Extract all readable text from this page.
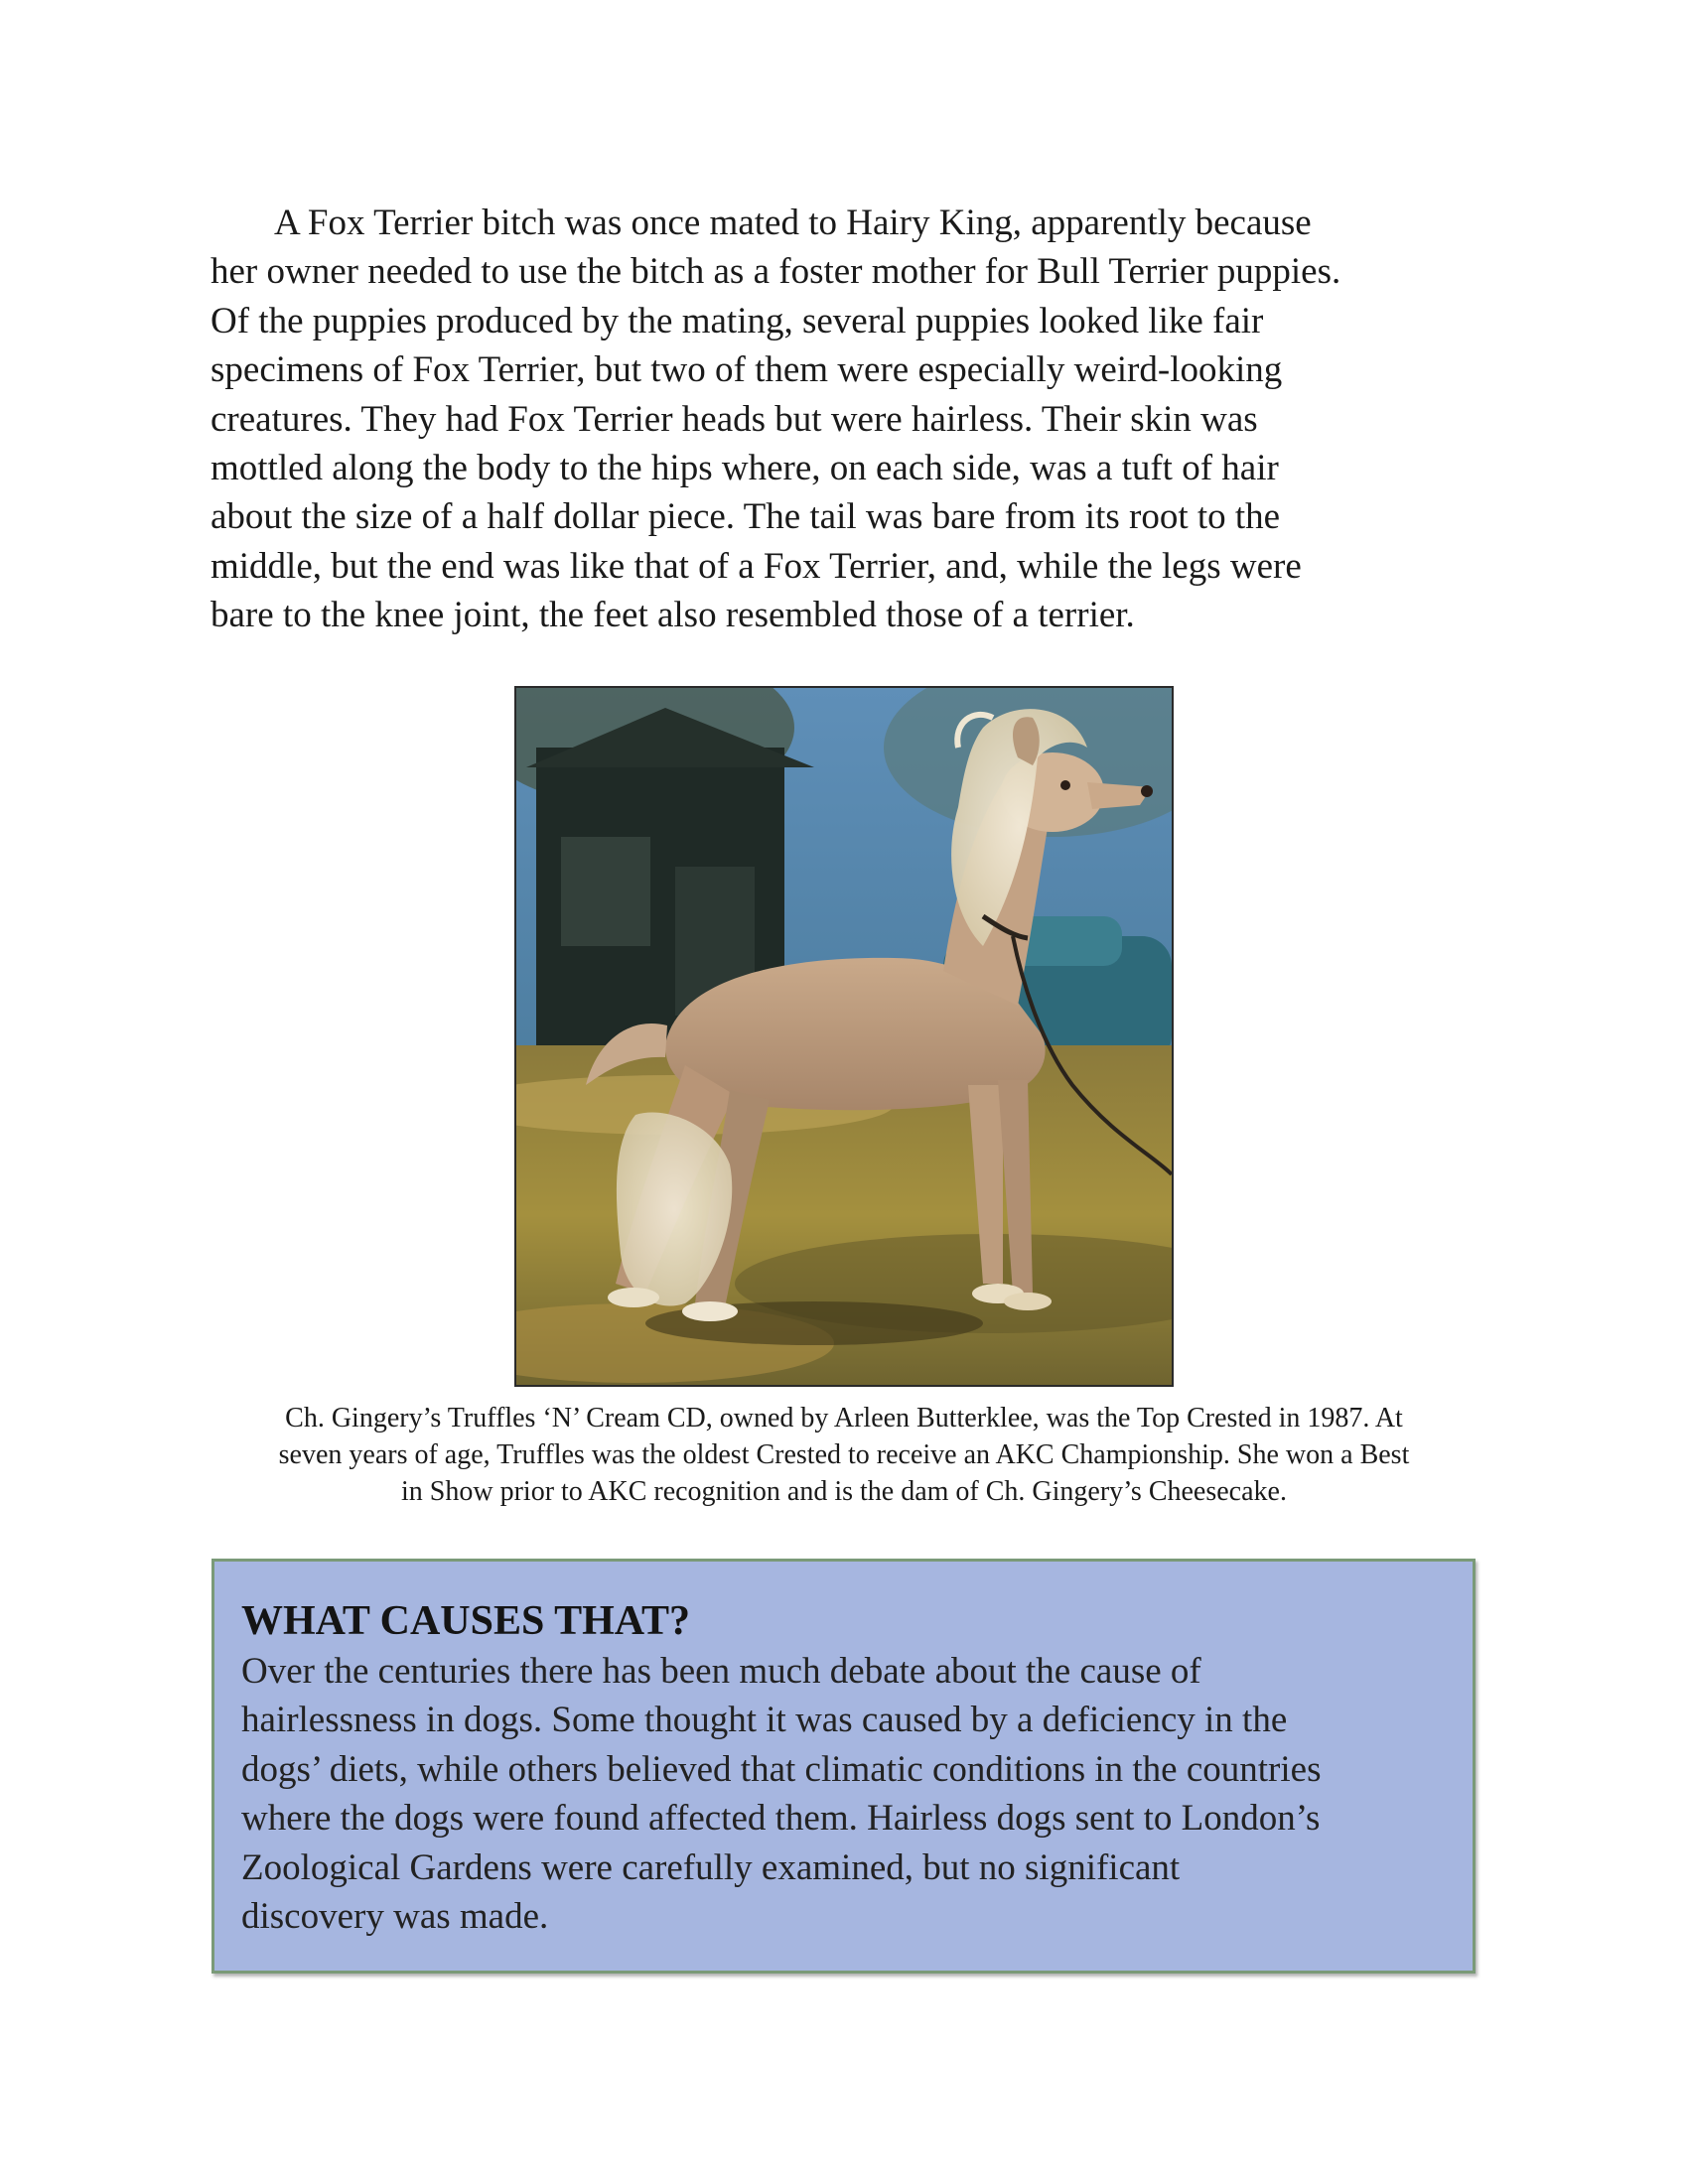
A Fox Terrier bitch was once mated to Hairy King, apparently because
her owner needed to use the bitch as a foster mother for Bull Terrier puppies.
Of the puppies produced by the mating, several puppies looked like fair
specimens of Fox Terrier, but two of them were especially weird-looking
creatures. They had Fox Terrier heads but were hairless. Their skin was
mottled along the body to the hips where, on each side, was a tuft of hair
about the size of a half dollar piece. The tail was bare from its root to the
middle, but the end was like that of a Fox Terrier, and, while the legs were
bare to the knee joint, the feet also resembled those of a terrier.

Ch. Gingery’s Truffles ‘N’ Cream CD, owned by Arleen Butterklee, was the Top Crested in 1987. At
seven years of age, Truffles was the oldest Crested to receive an AKC Championship. She won a Best
in Show prior to AKC recognition and is the dam of Ch. Gingery’s Cheesecake.

WHAT CAUSES THAT?

Over the centuries there has been much debate about the cause of
hairlessness in dogs. Some thought it was caused by a deficiency in the
dogs’ diets, while others believed that climatic conditions in the countries
where the dogs were found affected them. Hairless dogs sent to London’s
Zoological Gardens were carefully examined, but no significant
discovery was made.
